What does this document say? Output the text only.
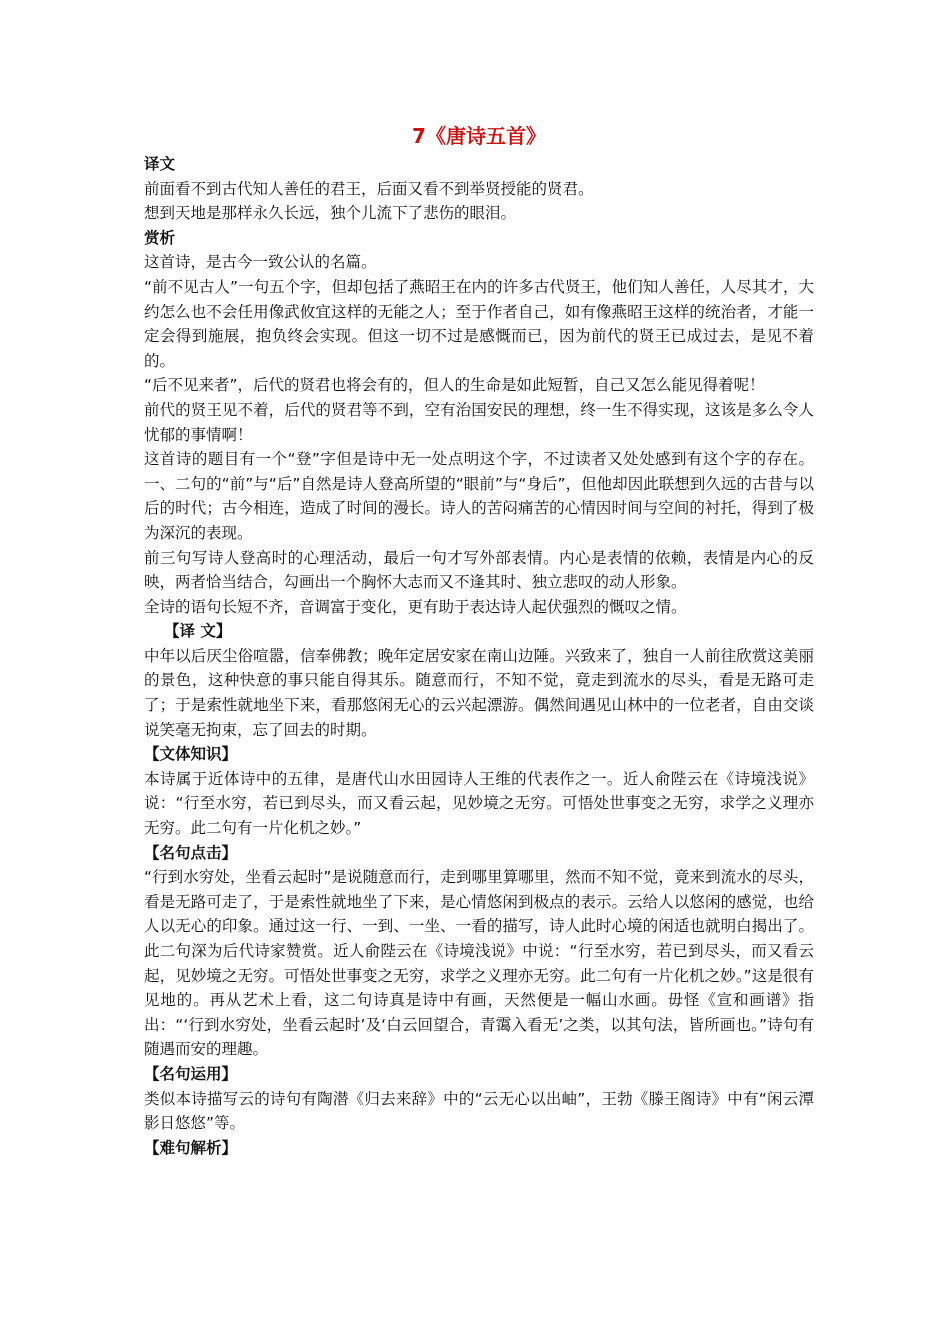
7《唐诗五首》
译文

前面看不到古代知人善任的君王，后面又看不到举贤授能的贤君。

想到天地是那样永久长远，独个儿流下了悲伤的眼泪。

赏析

这首诗，是古今一致公认的名篇。

“前不见古人”一句五个字，但却包括了燕昭王在内的许多古代贤王，他们知人善任，人尽其才，大约怎么也不会任用像武攸宜这样的无能之人；至于作者自己，如有像燕昭王这样的统治者，才能一定会得到施展，抱负终会实现。但这一切不过是感慨而已，因为前代的贤王已成过去，是见不着的。

“后不见来者”，后代的贤君也将会有的，但人的生命是如此短暂，自己又怎么能见得着呢！

前代的贤王见不着，后代的贤君等不到，空有治国安民的理想，终一生不得实现，这该是多么令人忧郁的事情啊！

这首诗的题目有一个“登”字但是诗中无一处点明这个字，不过读者又处处感到有这个字的存在。一、二句的“前”与“后”自然是诗人登高所望的“眼前”与“身后”，但他却因此联想到久远的古昔与以后的时代；古今相连，造成了时间的漫长。诗人的苦闷痛苦的心情因时间与空间的衬托，得到了极为深沉的表现。

前三句写诗人登高时的心理活动，最后一句才写外部表情。内心是表情的依赖，表情是内心的反映，两者恰当结合，勾画出一个胸怀大志而又不逢其时、独立悲叹的动人形象。

全诗的语句长短不齐，音调富于变化，更有助于表达诗人起伏强烈的慨叹之情。

【译 文】

中年以后厌尘俗喧嚣，信奉佛教；晚年定居安家在南山边陲。兴致来了，独自一人前往欣赏这美丽的景色，这种快意的事只能自得其乐。随意而行，不知不觉，竟走到流水的尽头，看是无路可走了；于是索性就地坐下来，看那悠闲无心的云兴起漂游。偶然间遇见山林中的一位老者，自由交谈说笑毫无拘束，忘了回去的时期。

【文体知识】

本诗属于近体诗中的五律，是唐代山水田园诗人王维的代表作之一。近人俞陛云在《诗境浅说》说：“行至水穷，若已到尽头，而又看云起，见妙境之无穷。可悟处世事变之无穷，求学之义理亦无穷。此二句有一片化机之妙。”

【名句点击】

“行到水穷处，坐看云起时”是说随意而行，走到哪里算哪里，然而不知不觉，竟来到流水的尽头，看是无路可走了，于是索性就地坐了下来，是心情悠闲到极点的表示。云给人以悠闲的感觉，也给人以无心的印象。通过这一行、一到、一坐、一看的描写，诗人此时心境的闲适也就明白揭出了。此二句深为后代诗家赞赏。近人俞陛云在《诗境浅说》中说：“行至水穷，若已到尽头，而又看云起，见妙境之无穷。可悟处世事变之无穷，求学之义理亦无穷。此二句有一片化机之妙。”这是很有见地的。再从艺术上看，这二句诗真是诗中有画，天然便是一幅山水画。毋怪《宣和画谱》指出：“‘行到水穷处，坐看云起时’及‘白云回望合，青霭入看无’之类，以其句法，皆所画也。”诗句有随遇而安的理趣。

【名句运用】

类似本诗描写云的诗句有陶潜《归去来辞》中的“云无心以出岫”，王勃《滕王阁诗》中有“闲云潭影日悠悠”等。

【难句解析】
